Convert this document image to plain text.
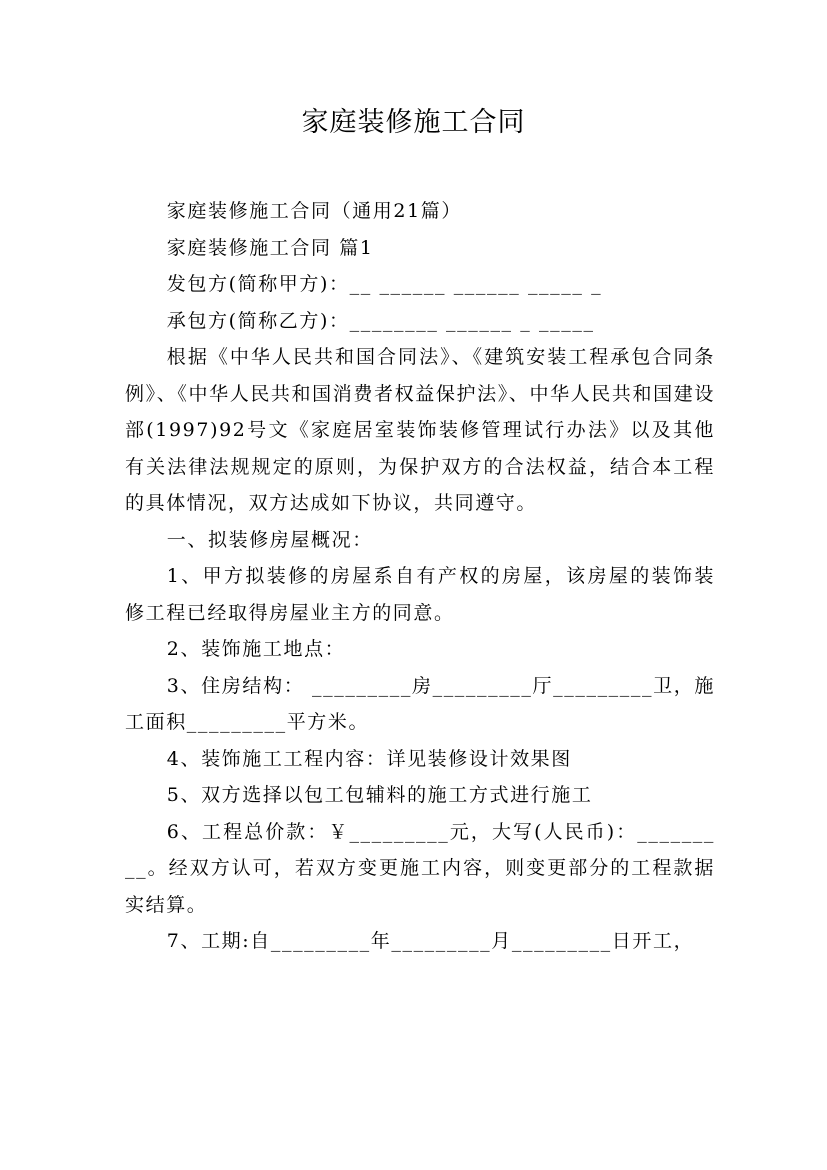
家庭装修施工合同

家庭装修施工合同（通用21篇）

家庭装修施工合同 篇1

发包方(简称甲方)：__ ______ ______ _____ _

承包方(简称乙方)：________ ______ _ _____

根据《中华人民共和国合同法》、《建筑安装工程承包合同条例》、《中华人民共和国消费者权益保护法》、中华人民共和国建设部(1997)92号文《家庭居室装饰装修管理试行办法》以及其他有关法律法规规定的原则，为保护双方的合法权益，结合本工程的具体情况，双方达成如下协议，共同遵守。

一、拟装修房屋概况：

1、甲方拟装修的房屋系自有产权的房屋，该房屋的装饰装修工程已经取得房屋业主方的同意。

2、装饰施工地点：

3、住房结构： _________房_________厅_________卫，施工面积_________平方米。

4、装饰施工工程内容：详见装修设计效果图

5、双方选择以包工包辅料的施工方式进行施工

6、工程总价款：￥_________元，大写(人民币)：_________。经双方认可，若双方变更施工内容，则变更部分的工程款据实结算。

7、工期:自_________年_________月_________日开工，
